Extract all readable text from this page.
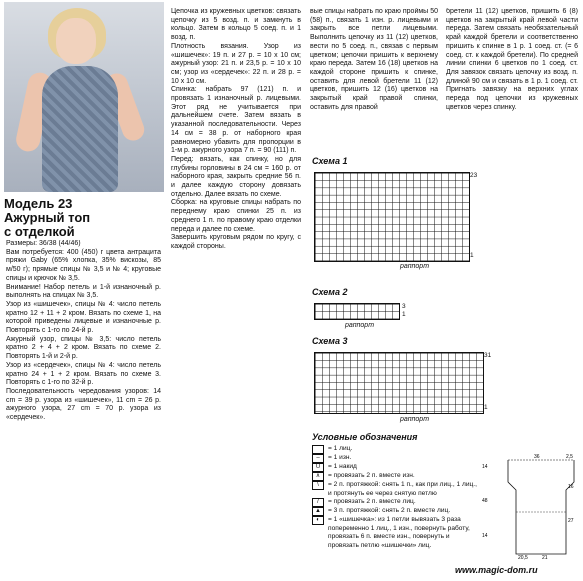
Модель 23
Ажурный топ
с отделкой

Размеры: 36/38 (44/46)

Вам потребуется: 400 (450) г цвета антрацита пряжи Gaby (65% хлопка, 35% вискозы, 85 м/50 г); прямые спицы № 3,5 и № 4; круговые спицы и крючок № 3,5.

Внимание! Набор петель и 1-й изнаночный р. выполнять на спицах № 3,5.

Узор из «шишечек», спицы № 4: число петель кратно 12 + 11 + 2 кром. Вязать по схеме 1, на которой приведены лицевые и изнаночные р. Повторять с 1-го по 24-й р.

Ажурный узор, спицы № 3,5: число петель кратно 2 + 4 + 2 кром. Вязать по схеме 2. Повторять 1-й и 2-й р.

Узор из «сердечек», спицы № 4: число петель кратно 24 + 1 + 2 кром. Вязать по схеме 3. Повторять с 1-го по 32-й р.

Последовательность чередования узоров: 14 сm = 39 р. узора из «шишечек», 11 сm = 26 р. ажурного узора, 27 сm = 70 р. узора из «сердечек».

Цепочка из кружевных цветков: связать цепочку из 5 возд. п. и замкнуть в кольцо. Затем в кольцо 5 соед. п. и 1 возд. п.

Плотность вязания. Узор из «шишечек»: 19 п. и 27 р. = 10 х 10 см; ажурный узор: 21 п. и 23,5 р. = 10 х 10 см; узор из «сердечек»: 22 п. и 28 р. = 10 х 10 см.

Спинка: набрать 97 (121) п. и провязать 1 изнаночный р. лицевыми. Этот ряд не учитывается при дальнейшем счете. Затем вязать в указанной последовательности. Через 14 см = 38 р. от наборного края равномерно убавить для пропорции в 1-м р. ажурного узора 7 п. = 90 (111) п.

Перед: вязать, как спинку, но для глубины горловины в 24 см = 160 р. от наборного края, закрыть средние 56 п. и далее каждую сторону довязать отдельно. Далее вязать по схеме.

Сборка: на круговые спицы набрать по переднему краю спинки 25 п. из среднего 1 п. по правому краю отделки переда и далее по схеме.

Завершить круговым рядом по кругу, с каждой стороны.

вые спицы набрать по краю проймы 50 (58) п., связать 1 изн. р. лицевыми и закрыть все петли лицевыми. Выполнить цепочку из 11 (12) цветков, вести по 5 соед. п., связав с первым цветком; цепочки пришить к верхнему краю переда. Затем 16 (18) цветков на каждой стороне пришить к спинке, оставить для левой бретели 11 (12) цветков, пришить 12 (16) цветков на закрытый край правой спинки, оставить для правой

бретели 11 (12) цветков, пришить 6 (8) цветков на закрытый край левой части переда. Затем связать необязательный край каждой бретели и соответственно пришить к спинке в 1 р. 1 соед. ст. (= 6 соед. ст. к каждой бретели). По средней линии спинки 6 цветков по 1 соед. ст. Для завязок связать цепочку из возд. п. длиной 90 см и связать в 1 р. 1 соед. ст. Пригнать завязку на верхних углах переда под цепочки из кружевных цветков через спинку.

Схема 1
23
1
раппорт
Схема 2
3
1
раппорт
Схема 3
31
1
раппорт
Условные обозначения
= 1 лиц.
–	= 1 изн.
U	= 1 накид
∧	= провязать 2 п. вместе изн.
\	= 2 п. протяжкой: снять 1 п., как при лиц., 1 лиц., и протянуть ее через снятую петлю
/	= провязать 2 п. вместе лиц.
▲	= 3 п. протяжкой: снять 2 п. вместе лиц.
◐	= 1 «шишечка»: из 1 петли вывязать 3 раза попеременно 1 лиц., 1 изн., повернуть работу, провязать 6 п. вместе изн., повернуть и провязать петлю «шишечки» лиц.
14
48
14
36	2,5
16
27
20,5	21
www.magic-dom.ru
